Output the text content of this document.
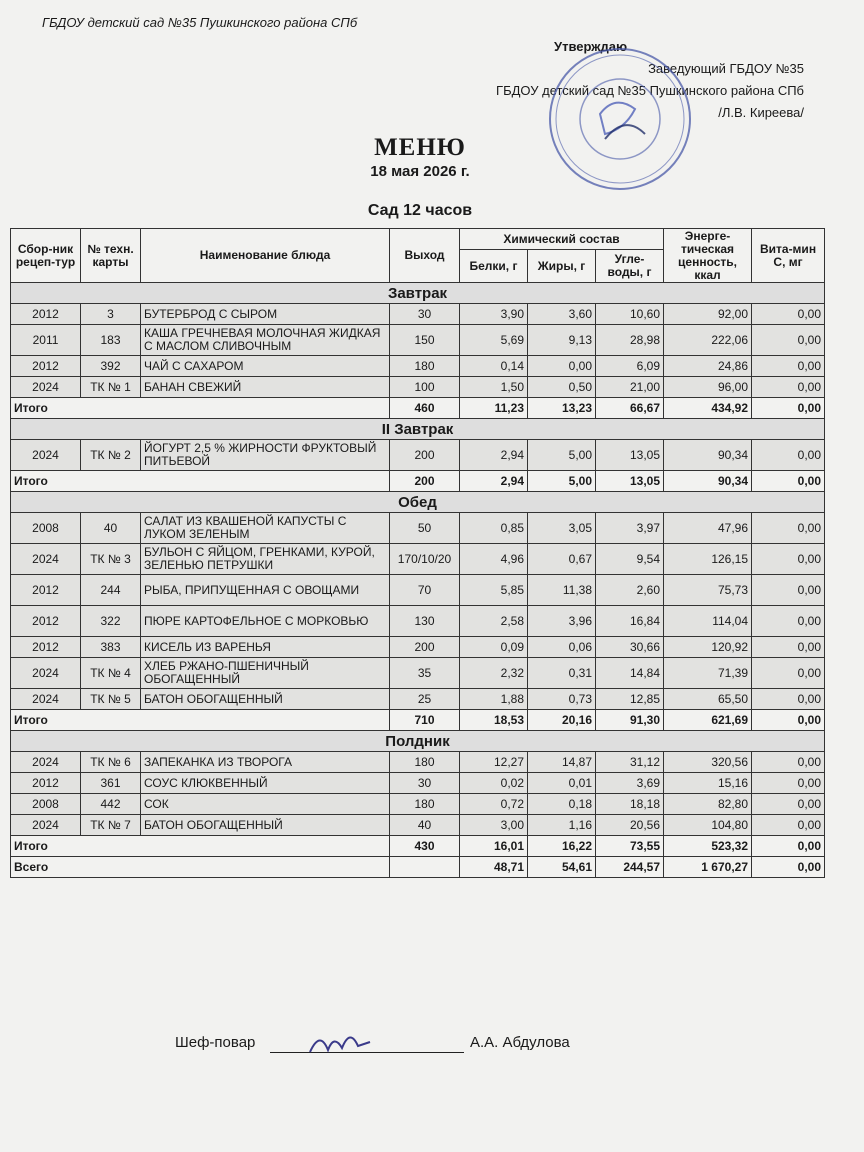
ГБДОУ детский сад №35 Пушкинского района СПб
Утверждаю
Заведующий ГБДОУ №35
ГБДОУ детский сад №35 Пушкинского района СПб
/Л.В. Киреева/
МЕНЮ
18 мая 2026 г.
Сад 12 часов
Сбор-ник рецеп-тур	№ техн. карты	Наименование блюда	Выход	Химический состав			Энерге-тическая ценность, ккал	Вита-мин С, мг
				Белки, г	Жиры, г	Угле-воды, г		
Завтрак								
2012	3	БУТЕРБРОД С СЫРОМ	30	3,90	3,60	10,60	92,00	0,00
2011	183	КАША ГРЕЧНЕВАЯ МОЛОЧНАЯ ЖИДКАЯ С МАСЛОМ СЛИВОЧНЫМ	150	5,69	9,13	28,98	222,06	0,00
2012	392	ЧАЙ С САХАРОМ	180	0,14	0,00	6,09	24,86	0,00
2024	ТК № 1	БАНАН СВЕЖИЙ	100	1,50	0,50	21,00	96,00	0,00
Итого			460	11,23	13,23	66,67	434,92	0,00
II Завтрак								
2024	ТК № 2	ЙОГУРТ 2,5 % ЖИРНОСТИ ФРУКТОВЫЙ ПИТЬЕВОЙ	200	2,94	5,00	13,05	90,34	0,00
Итого			200	2,94	5,00	13,05	90,34	0,00
Обед								
2008	40	САЛАТ ИЗ КВАШЕНОЙ КАПУСТЫ С ЛУКОМ ЗЕЛЕНЫМ	50	0,85	3,05	3,97	47,96	0,00
2024	ТК № 3	БУЛЬОН С ЯЙЦОМ, ГРЕНКАМИ, КУРОЙ, ЗЕЛЕНЬЮ ПЕТРУШКИ	170/10/20	4,96	0,67	9,54	126,15	0,00
2012	244	РЫБА, ПРИПУЩЕННАЯ С ОВОЩАМИ	70	5,85	11,38	2,60	75,73	0,00
2012	322	ПЮРЕ КАРТОФЕЛЬНОЕ С МОРКОВЬЮ	130	2,58	3,96	16,84	114,04	0,00
2012	383	КИСЕЛЬ ИЗ ВАРЕНЬЯ	200	0,09	0,06	30,66	120,92	0,00
2024	ТК № 4	ХЛЕБ РЖАНО-ПШЕНИЧНЫЙ ОБОГАЩЕННЫЙ	35	2,32	0,31	14,84	71,39	0,00
2024	ТК № 5	БАТОН ОБОГАЩЕННЫЙ	25	1,88	0,73	12,85	65,50	0,00
Итого			710	18,53	20,16	91,30	621,69	0,00
Полдник								
2024	ТК № 6	ЗАПЕКАНКА ИЗ ТВОРОГА	180	12,27	14,87	31,12	320,56	0,00
2012	361	СОУС КЛЮКВЕННЫЙ	30	0,02	0,01	3,69	15,16	0,00
2008	442	СОК	180	0,72	0,18	18,18	82,80	0,00
2024	ТК № 7	БАТОН ОБОГАЩЕННЫЙ	40	3,00	1,16	20,56	104,80	0,00
Итого			430	16,01	16,22	73,55	523,32	0,00
Всего				48,71	54,61	244,57	1 670,27	0,00
Шеф-повар	А.А. Абдулова
